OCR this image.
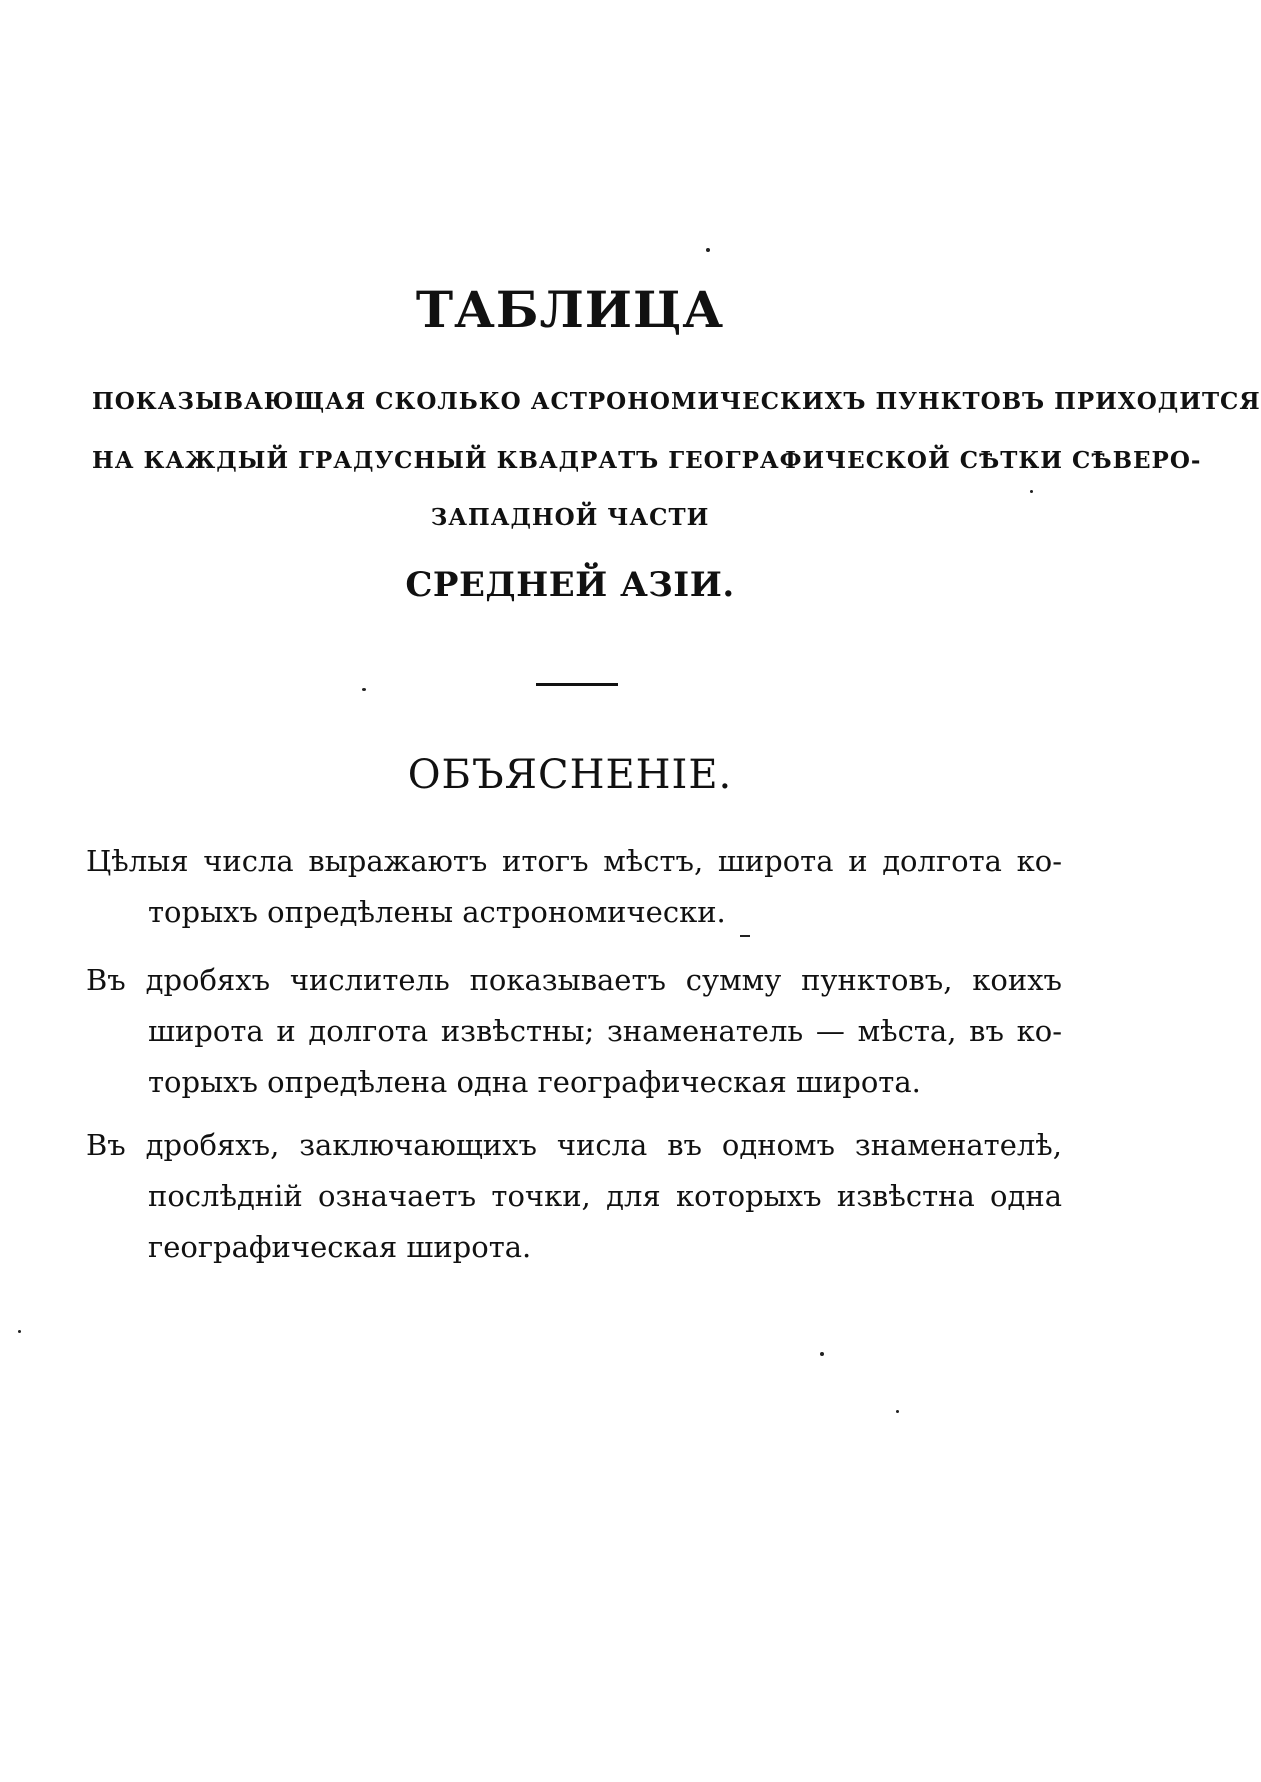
ТАБЛИЦА
ПОКАЗЫВАЮЩАЯ СКОЛЬКО АСТРОНОМИЧЕСКИХЪ ПУНКТОВЪ ПРИХОДИТСЯ
НА КАЖДЫЙ ГРАДУСНЫЙ КВАДРАТЪ ГЕОГРАФИЧЕСКОЙ СѢТКИ СѢВЕРО-
ЗАПАДНОЙ ЧАСТИ
СРЕДНЕЙ АЗІИ.
ОБЪЯСНЕНІЕ.
Цѣлыя числа выражаютъ итогъ мѣстъ, широта и долгота ко-
торыхъ опредѣлены астрономически.
Въ дробяхъ числитель показываетъ сумму пунктовъ, коихъ
широта и долгота извѣстны; знаменатель — мѣста, въ ко-
торыхъ опредѣлена одна географическая широта.
Въ дробяхъ, заключающихъ числа въ одномъ знаменателѣ,
послѣдній означаетъ точки, для которыхъ извѣстна одна
географическая широта.
